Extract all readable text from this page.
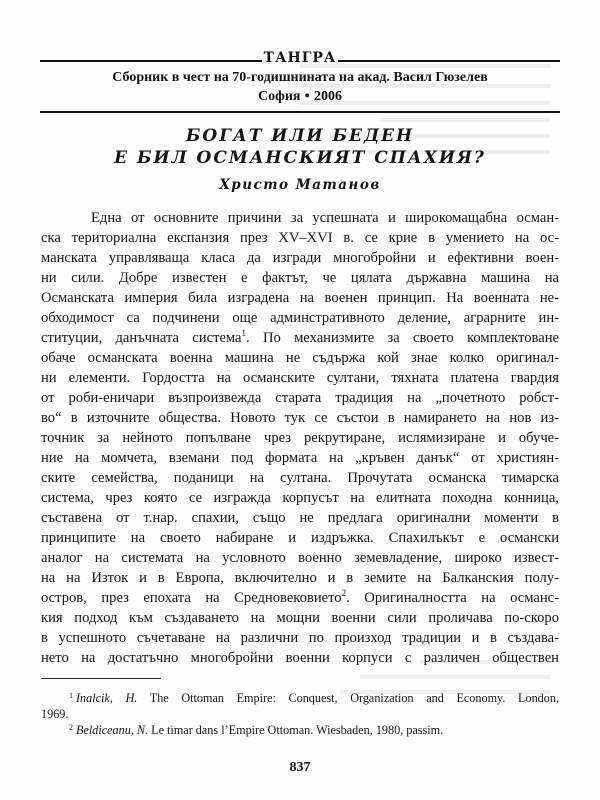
ТАНГРА
Сборник в чест на 70-годишнината на акад. Васил Гюзелев
София ● 2006
БОГАТ ИЛИ БЕДЕН
Е БИЛ ОСМАНСКИЯТ СПАХИЯ?
Христо Матанов
Една от основните причини за успешната и широкомащабна осман-
ска териториална експанзия през XV–XVI в. се крие в умението на ос-
манската управляваща класа да изгради многобройни и ефективни воен-
ни сили. Добре известен е фактът, че цялата държавна машина на
Османската империя била изградена на военен принцип. На военната не-
обходимост са подчинени още админстративното деление, аграрните ин-
ституции, данъчната система$^1$. По механизмите за своето комплектоване
обаче османската военна машина не съдържа кой знае колко оригинал-
ни елементи. Гордостта на османските султани, тяхната платена гвардия
от роби-еничари възпроизвежда старата традиция на „почетното робст-
во“ в източните общества. Новото тук се състои в намирането на нов из-
точник за нейното попълване чрез рекрутиране, ислямизиране и обуче-
ние на момчета, вземани под формата на „кръвен данък“ от християн-
ските семейства, поданици на султана. Прочутата османска тимарска
система, чрез която се изгражда корпусът на елитната походна конница,
съставена от т.нар. спахии, също не предлага оригинални моменти в
принципите на своето набиране и издръжка. Спахилъкът е османски
аналог на системата на условното военно земевладение, широко извест-
на на Изток и в Европа, включително и в земите на Балканския полу-
остров, през епохата на Средновековието$^2$. Оригиналността на османс-
кия подход към създаването на мощни военни сили проличава по-скоро
в успешното съчетаване на различни по произход традиции и в създава-
нето на достатъчно многобройни военни корпуси с различен обществен
$^1$ Inalcik, H. The Ottoman Empire: Conquest, Organization and Economy. London,
1969.
$^2$ Beldiceanu, N. Le timar dans l’Empire Ottoman. Wiesbaden, 1980, passim.
837
